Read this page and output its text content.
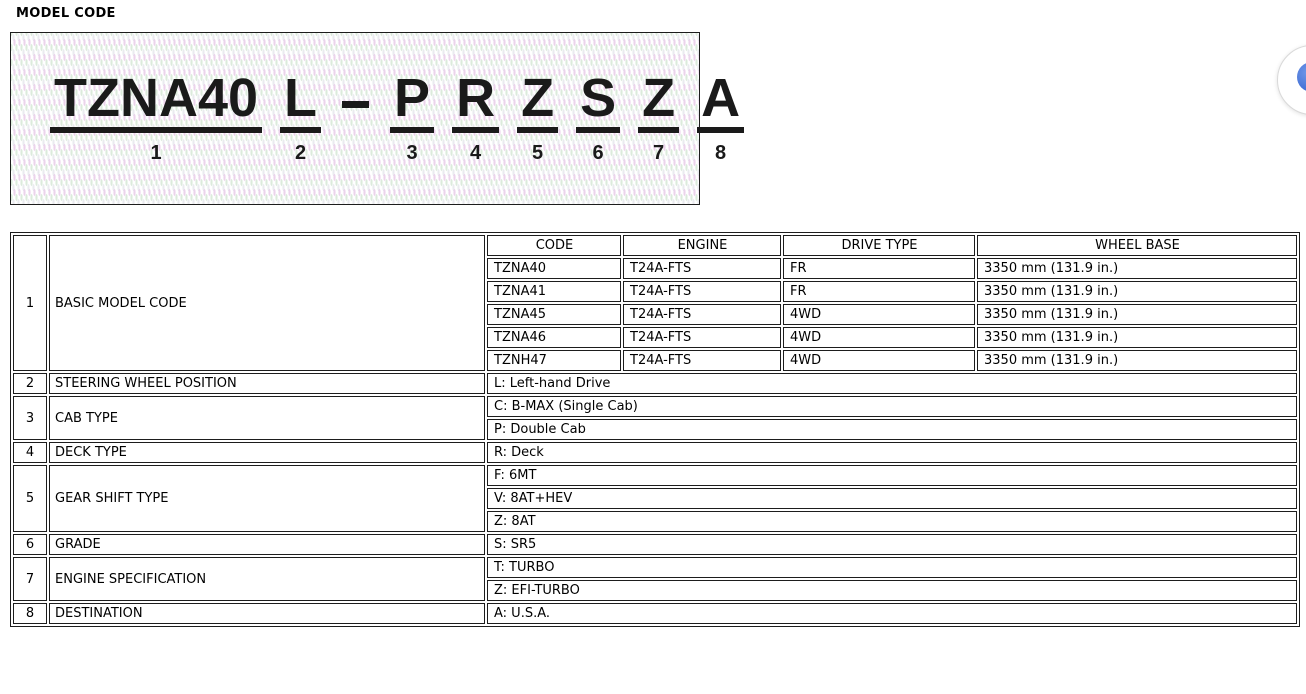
MODEL CODE
TZNA40
1
L
2
P
3
R
4
Z
5
S
6
Z
7
A
8
1	BASIC MODEL CODE	CODE	ENGINE	DRIVE TYPE	WHEEL BASE
		TZNA40	T24A-FTS	FR	3350 mm (131.9 in.)
		TZNA41	T24A-FTS	FR	3350 mm (131.9 in.)
		TZNA45	T24A-FTS	4WD	3350 mm (131.9 in.)
		TZNA46	T24A-FTS	4WD	3350 mm (131.9 in.)
		TZNH47	T24A-FTS	4WD	3350 mm (131.9 in.)
2	STEERING WHEEL POSITION	L: Left-hand Drive			
3	CAB TYPE	C: B-MAX (Single Cab)			
		P: Double Cab			
4	DECK TYPE	R: Deck			
5	GEAR SHIFT TYPE	F: 6MT			
		V: 8AT+HEV			
		Z: 8AT			
6	GRADE	S: SR5			
7	ENGINE SPECIFICATION	T: TURBO			
		Z: EFI-TURBO			
8	DESTINATION	A: U.S.A.			
